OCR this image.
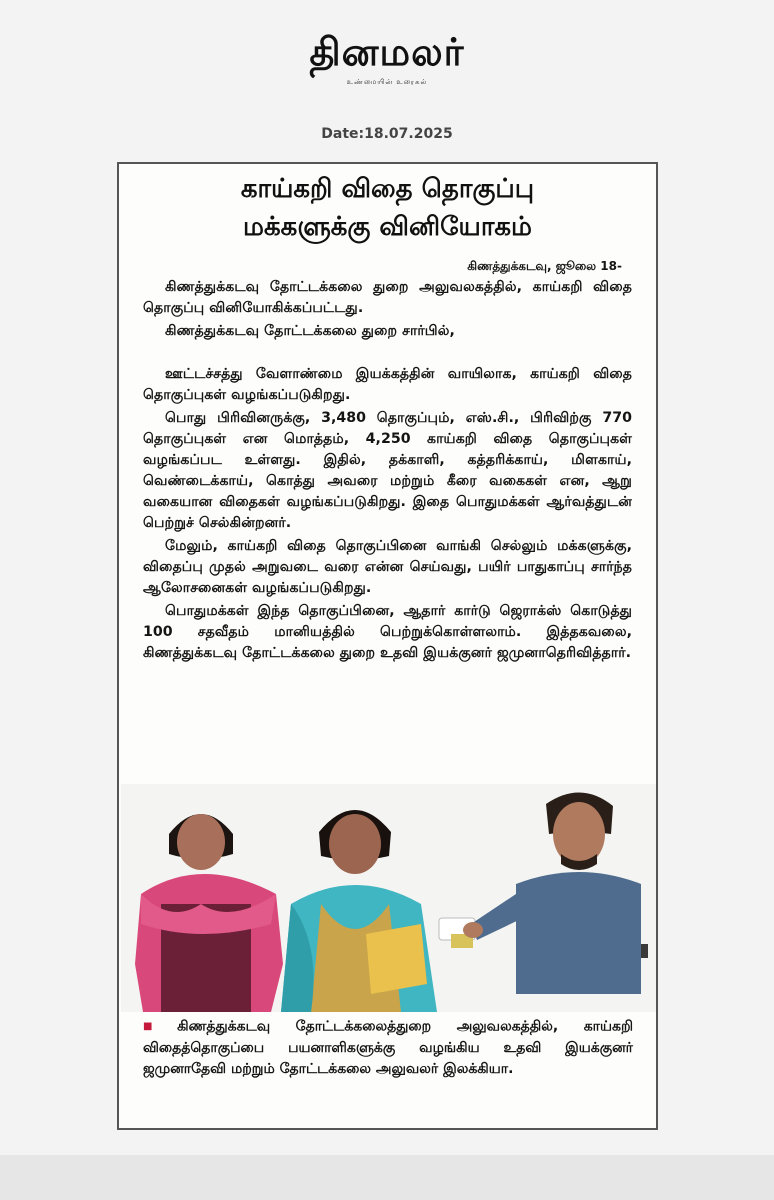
தினமலர்
உண்மையின் உரைகல்
Date:18.07.2025
காய்கறி விதை தொகுப்பு
மக்களுக்கு வினியோகம்
கிணத்துக்கடவு, ஜூலை 18-

கிணத்துக்கடவு தோட்டக்கலை துறை அலுவலகத்தில், காய்கறி விதை தொகுப்பு வினியோகிக்கப்பட்டது.

கிணத்துக்கடவு தோட்டக்கலை துறை சார்பில்,

ஊட்டச்சத்து வேளாண்மை இயக்கத்தின் வாயிலாக, காய்கறி விதை தொகுப்புகள் வழங்கப்படுகிறது.

பொது பிரிவினருக்கு, 3,480 தொகுப்பும், எஸ்.சி., பிரிவிற்கு 770 தொகுப்புகள் என மொத்தம், 4,250 காய்கறி விதை தொகுப்புகள் வழங்கப்பட உள்ளது. இதில், தக்காளி, கத்தரிக்காய், மிளகாய், வெண்டைக்காய், கொத்து அவரை மற்றும் கீரை வகைகள் என, ஆறு வகையான விதைகள் வழங்கப்படுகிறது. இதை பொதுமக்கள் ஆர்வத்துடன் பெற்றுச் செல்கின்றனர்.

மேலும், காய்கறி விதை தொகுப்பினை வாங்கி செல்லும் மக்களுக்கு, விதைப்பு முதல் அறுவடை வரை என்ன செய்வது, பயிர் பாதுகாப்பு சார்ந்த ஆலோசனைகள் வழங்கப்படுகிறது.

பொதுமக்கள் இந்த தொகுப்பினை, ஆதார் கார்டு ஜெராக்ஸ் கொடுத்து 100 சதவீதம் மானியத்தில் பெற்றுக்கொள்ளலாம். இத்தகவலை, கிணத்துக்கடவு தோட்டக்கலை துறை உதவி இயக்குனர் ஜமுனாதெரிவித்தார்.

■ கிணத்துக்கடவு தோட்டக்கலைத்துறை அலுவலகத்தில், காய்கறி விதைத்தொகுப்பை பயனாளிகளுக்கு வழங்கிய உதவி இயக்குனர் ஜமுனாதேவி மற்றும் தோட்டக்கலை அலுவலர் இலக்கியா.
